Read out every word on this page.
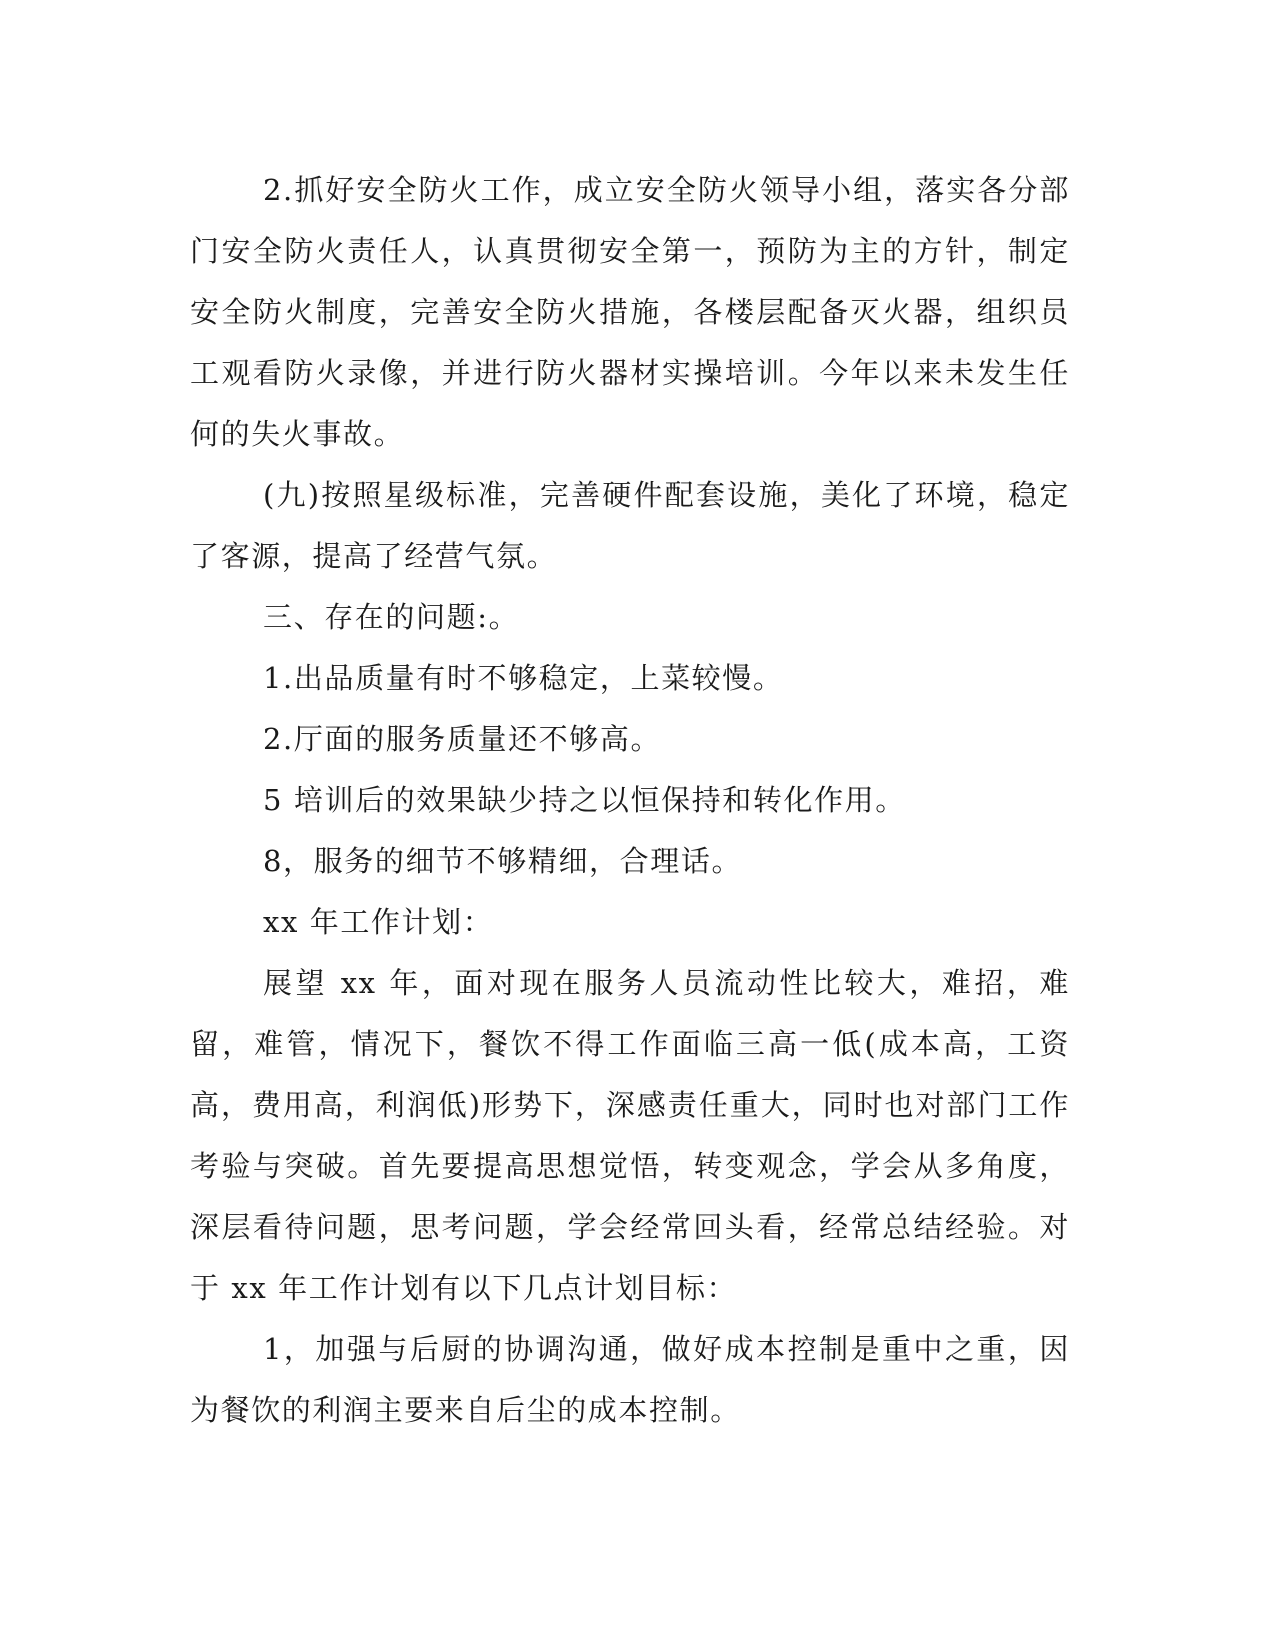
2.抓好安全防火工作，成立安全防火领导小组，落实各分部门安全防火责任人，认真贯彻安全第一，预防为主的方针，制定安全防火制度，完善安全防火措施，各楼层配备灭火器，组织员工观看防火录像，并进行防火器材实操培训。今年以来未发生任何的失火事故。

(九)按照星级标准，完善硬件配套设施，美化了环境，稳定了客源，提高了经营气氛。

三、存在的问题:。

1.出品质量有时不够稳定，上菜较慢。

2.厅面的服务质量还不够高。

5 培训后的效果缺少持之以恒保持和转化作用。

8，服务的细节不够精细，合理话。

xx 年工作计划：

展望 xx 年，面对现在服务人员流动性比较大，难招，难留，难管，情况下，餐饮不得工作面临三高一低(成本高，工资高，费用高，利润低)形势下，深感责任重大，同时也对部门工作考验与突破。首先要提高思想觉悟，转变观念，学会从多角度，深层看待问题，思考问题，学会经常回头看，经常总结经验。对于 xx 年工作计划有以下几点计划目标：

1，加强与后厨的协调沟通，做好成本控制是重中之重，因为餐饮的利润主要来自后尘的成本控制。
